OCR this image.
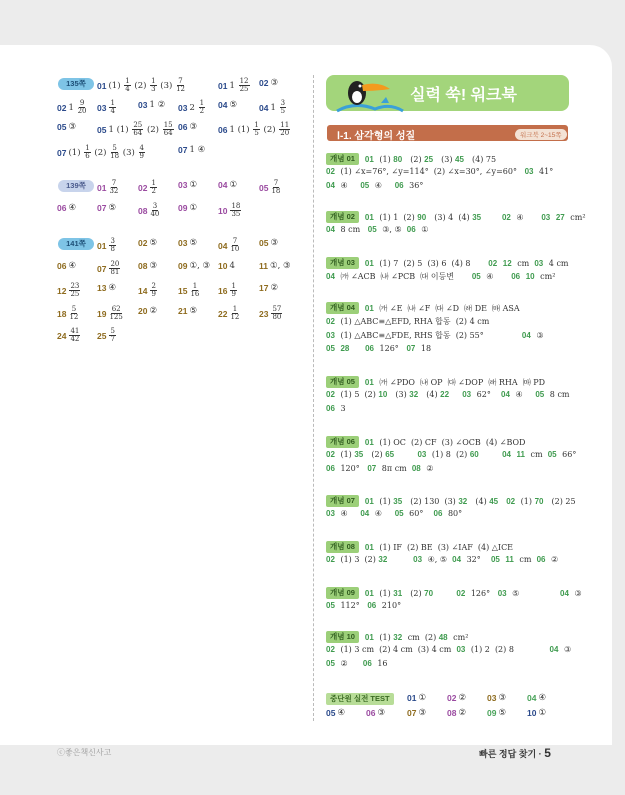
135쪽	01 $(1) \frac{1}{4} (2) \frac{1}{3} (3) \frac{7}{12}$	01 $1 \frac{12}{25} 02$ ③
02 $1 \frac{9}{20} 03 \frac{1}{4}$	03 1 ② 03 $2 \frac{1}{2} 04$ ⑤	04 $1 \frac{3}{5}$
05 ③ 05 1 $(1) \frac{25}{64} (2) \frac{15}{64} 06$ ③ 06 1 $(1) \frac{1}{5} (2) \frac{11}{20}$
07 $(1) \frac{1}{6} (2) \frac{5}{18} (3) \frac{4}{9}$	07 1 ④
139쪽	$01 \frac{7}{32} 02 \frac{1}{2} 03$ ① 04 ①	$05 \frac{7}{18}$
06 ④ 07 ⑤	$08 \frac{3}{40} 09$ ① $10 \frac{18}{35}$
141쪽	$01 \frac{3}{8}$	02 ⑤ 03 ⑤ $04 \frac{7}{10} 05$ ③
06 ④ $07 \frac{20}{81} 08$ ③ 09 ①, ③ 10 4	11 ①, ③
$12 \frac{23}{25} 13$ ④	$14 \frac{2}{9} 15 \frac{1}{16} 16 \frac{1}{9}$	17 ②
$18 \frac{5}{12} 19 \frac{62}{125} 20$ ② 21 ⑤ $22 \frac{1}{12} 23 \frac{57}{80}$
$24 \frac{41}{42} 25 \frac{5}{7}$
실력 쑥! 워크북
Ⅰ-1. 삼각형의 성질	워크북 2~15쪽
개념 01	01 (1) 80  (2) 25  (3) 45  (4) 75
02 (1) ∠x=76°, ∠y=114°  (2) ∠x=30°, ∠y=60°   03 41°
04 ④     05 ④     06 36°
개념 02	01 (1) 1  (2) 90  (3) 4  (4) 35	02 ④       03 27 cm²
04 8 cm   05 ③, ⑤  06 ①
개념 03	01 (1) 7  (2) 5  (3) 6  (4) 8       02 12 cm  03 4 cm
04 ㈎ ∠ACB  ㈏ ∠PCB  ㈐ 이등변       05 ④       06 10 cm²
개념 04	01 ㈎ ∠E  ㈏ ∠F  ㈐ ∠D  ㈑ DE  ㈒ ASA
02 (1) △ABC≡△EFD, RHA 합동  (2) 4 cm
03 (1) △ABC≡△FDE, RHS 합동  (2) 55°               04 ③
05 28 06 126°   07 18
개념 05	01 ㈎ ∠PDO  ㈏ OP  ㈐ ∠DOP  ㈑ RHA  ㈒ PD
02 (1) 5  (2) 10  (3) 32  (4) 22 03 62°    04 ④     05 8 cm
06 3
개념 06	01 (1) OC  (2) CF  (3) ∠OCB  (4) ∠BOD
02 (1) 35  (2) 65	03 (1) 8  (2) 60	04 11 cm  05 66°
06 120°   07 8π cm  08 ②
개념 07	01 (1) 35  (2) 130  (3) 32  (4) 45 02 (1) 70  (2) 25
03 ④     04 ④     05 60°    06 80°
개념 08	01 (1) IF  (2) BE  (3) ∠IAF  (4) △ICE
02 (1) 3  (2) 32	03 ④, ⑤  04 32°    05 11 cm  06 ②
개념 09	01 (1) 31  (2) 70	02 126°   03 ⑤                04 ③
05 112°   06 210°
개념 10	01 (1) 32 cm  (2) 48 cm²
02 (1) 3 cm  (2) 4 cm  (3) 4 cm  03 (1) 2  (2) 8              04 ③
05 ②      06 16
중단원 실전 TEST	01 ① 02 ② 03 ③ 04 ④
05 ④ 06 ③	07 ③ 08 ② 09 ⑤ 10 ①
ⓒ좋은책신사고	빠른 정답 찾기 · 5
